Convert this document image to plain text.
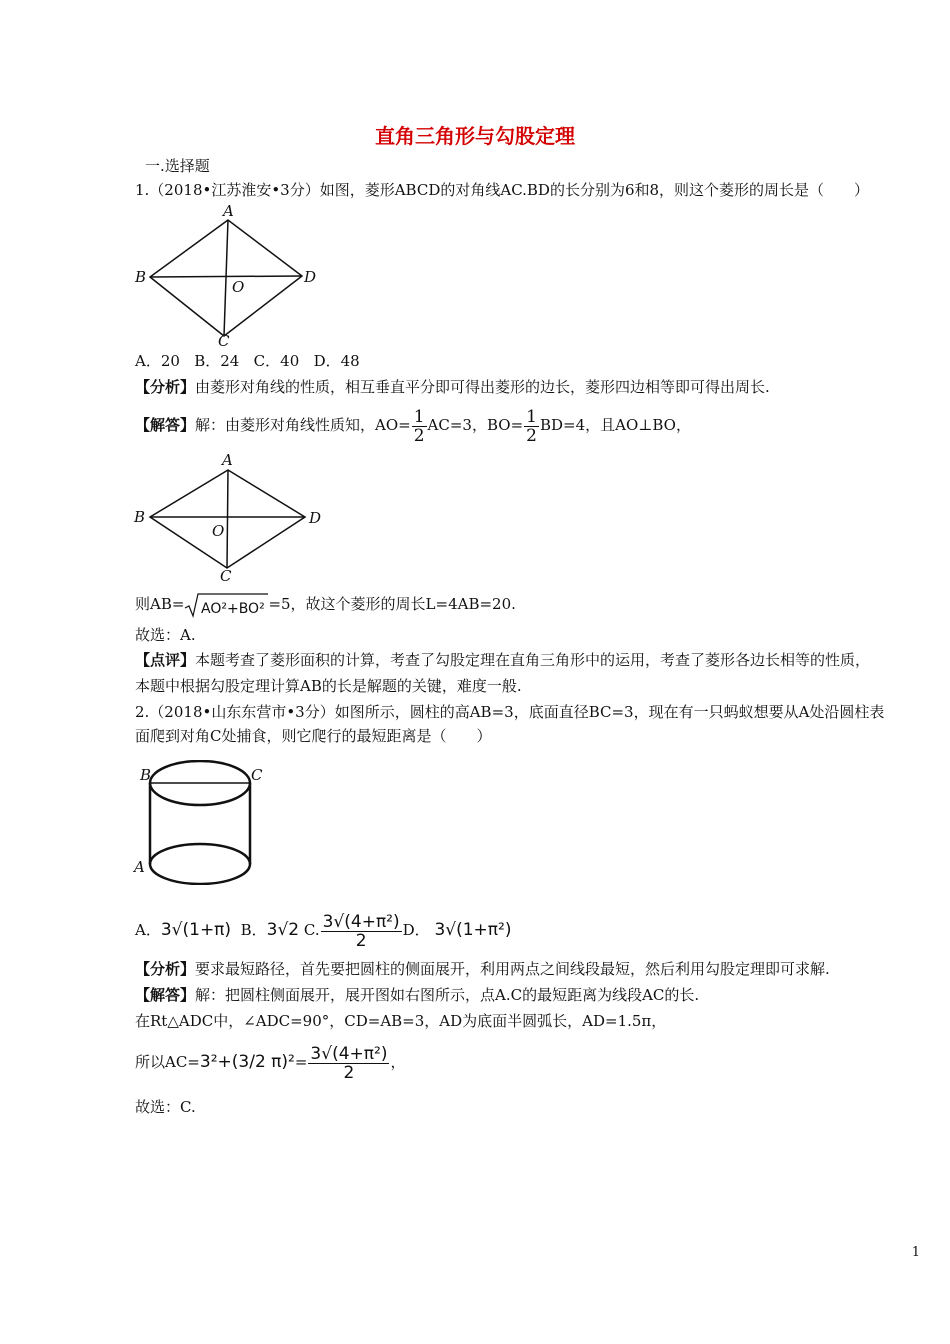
直角三角形与勾股定理
一.选择题
1.（2018•江苏淮安•3分）如图，菱形ABCD的对角线AC.BD的长分别为6和8，则这个菱形的周长是（　　）
A
B	D
O
C
A．20 B．24 C．40 D．48
【分析】由菱形对角线的性质，相互垂直平分即可得出菱形的边长，菱形四边相等即可得出周长.
【解答】解：由菱形对角线性质知，$AO= \frac{1}{2} AC=3$，$BO= \frac{1}{2} BD=4$，且AO⊥BO，
A
B	D
O
C
则AB= AO²+BO² =5，故这个菱形的周长L=4AB=20.
故选：A.
【点评】本题考查了菱形面积的计算，考查了勾股定理在直角三角形中的运用，考查了菱形各边长相等的性质，
本题中根据勾股定理计算AB的长是解题的关键，难度一般.
2.（2018•山东东营市•3分）如图所示，圆柱的高AB=3，底面直径BC=3，现在有一只蚂蚁想要从A处沿圆柱表
面爬到对角C处捕食，则它爬行的最短距离是（　　）
B	C
A
A．3√(1+π) B．3√2 C. $\frac{\text{3√(4+π²)}}{2}$ D． 3√(1+π²)
【分析】要求最短路径，首先要把圆柱的侧面展开，利用两点之间线段最短，然后利用勾股定理即可求解.
【解答】解：把圆柱侧面展开，展开图如右图所示，点A.C的最短距离为线段AC的长.
在Rt△ADC中，∠ADC=90°，CD=AB=3，AD为底面半圆弧长，AD=1.5π，
所以AC=3²+(3/2 $\pi)^2= \frac{\text{3√(4+π²)}}{2}$ ，
故选：C.
1
